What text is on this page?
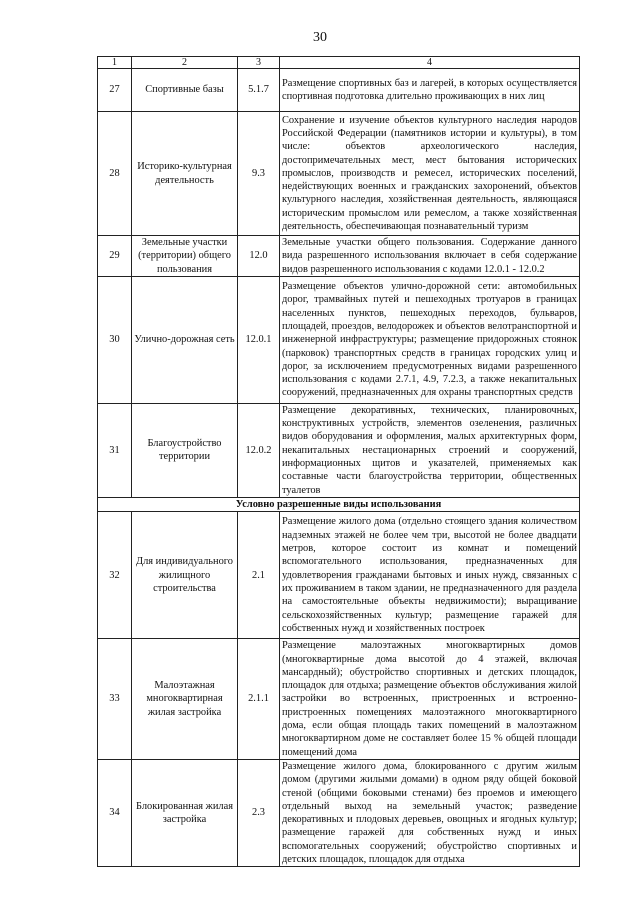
30
1	2	3	4
27	Спортивные базы	5.1.7	Размещение спортивных баз и лагерей, в которых осуществляется спортивная подготовка длительно проживающих в них лиц
28	Историко-культурная деятельность	9.3	Сохранение и изучение объектов культурного наследия народов Российской Федерации (памятников истории и культуры), в том числе: объектов археологического наследия, достопримечательных мест, мест бытования исторических промыслов, производств и ремесел, исторических поселений, недействующих военных и гражданских захоронений, объектов культурного наследия, хозяйственная деятельность, являющаяся историческим промыслом или ремеслом, а также хозяйственная деятельность, обеспечивающая познавательный туризм
29	Земельные участки (территории) общего пользования	12.0	Земельные участки общего пользования. Содержание данного вида разрешенного использования включает в себя содержание видов разрешенного использования с кодами 12.0.1 - 12.0.2
30	Улично-дорожная сеть	12.0.1	Размещение объектов улично-дорожной сети: автомобильных дорог, трамвайных путей и пешеходных тротуаров в границах населенных пунктов, пешеходных переходов, бульваров, площадей, проездов, велодорожек и объектов велотранспортной и инженерной инфраструктуры; размещение придорожных стоянок (парковок) транспортных средств в границах городских улиц и дорог, за исключением предусмотренных видами разрешенного использования с кодами 2.7.1, 4.9, 7.2.3, а также некапитальных сооружений, предназначенных для охраны транспортных средств
31	Благоустройство территории	12.0.2	Размещение декоративных, технических, планировочных, конструктивных устройств, элементов озеленения, различных видов оборудования и оформления, малых архитектурных форм, некапитальных нестационарных строений и сооружений, информационных щитов и указателей, применяемых как составные части благоустройства территории, общественных туалетов
Условно разрешенные виды использования			
32	Для индивидуального жилищного строительства	2.1	Размещение жилого дома (отдельно стоящего здания количеством надземных этажей не более чем три, высотой не более двадцати метров, которое состоит из комнат и помещений вспомогательного использования, предназначенных для удовлетворения гражданами бытовых и иных нужд, связанных с их проживанием в таком здании, не предназначенного для раздела на самостоятельные объекты недвижимости); выращивание сельскохозяйственных культур; размещение гаражей для собственных нужд и хозяйственных построек
33	Малоэтажная многоквартирная жилая застройка	2.1.1	Размещение малоэтажных многоквартирных домов (многоквартирные дома высотой до 4 этажей, включая мансардный); обустройство спортивных и детских площадок, площадок для отдыха; размещение объектов обслуживания жилой застройки во встроенных, пристроенных и встроенно-пристроенных помещениях малоэтажного многоквартирного дома, если общая площадь таких помещений в малоэтажном многоквартирном доме не составляет более 15 % общей площади помещений дома
34	Блокированная жилая застройка	2.3	Размещение жилого дома, блокированного с другим жилым домом (другими жилыми домами) в одном ряду общей боковой стеной (общими боковыми стенами) без проемов и имеющего отдельный выход на земельный участок; разведение декоративных и плодовых деревьев, овощных и ягодных культур; размещение гаражей для собственных нужд и иных вспомогательных сооружений; обустройство спортивных и детских площадок, площадок для отдыха
